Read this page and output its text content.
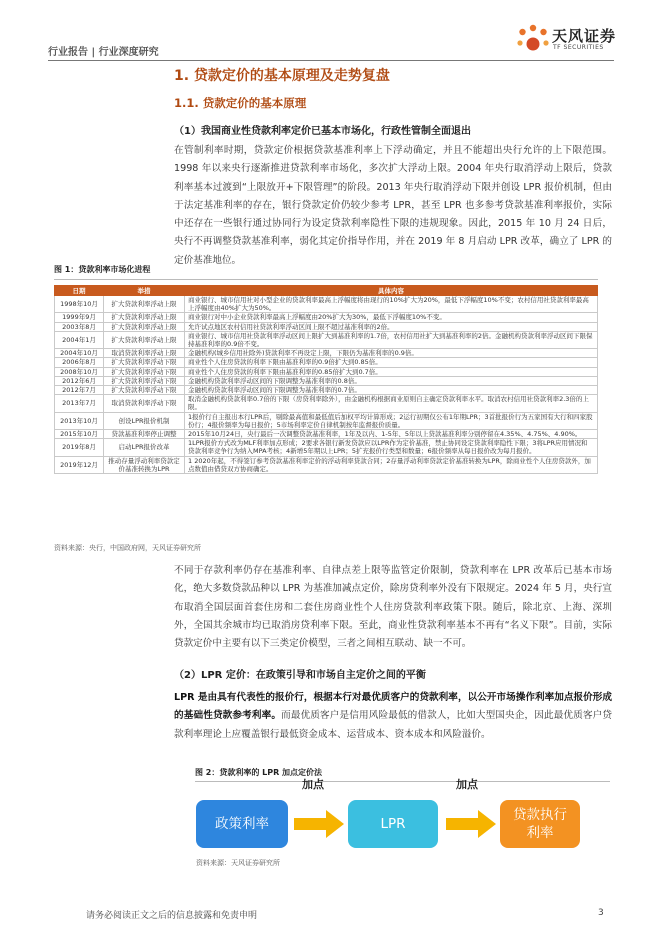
行业报告 | 行业深度研究
天风证券
TF SECURITIES
1. 贷款定价的基本原理及走势复盘
1.1. 贷款定价的基本原理
（1）我国商业性贷款利率定价已基本市场化，行政性管制全面退出
在管制利率时期，贷款定价根据贷款基准利率上下浮动确定，并且不能超出央行允许的上下限范围。1998 年以来央行逐渐推进贷款利率市场化，多次扩大浮动上限。2004 年央行取消浮动上限后，贷款利率基本过渡到“上限放开+下限管理”的阶段。2013 年央行取消浮动下限并创设 LPR 报价机制，但由于法定基准利率的存在，银行贷款定价仍较少参考 LPR，甚至 LPR 也多参考贷款基准利率报价，实际中还存在一些银行通过协同行为设定贷款利率隐性下限的违规现象。因此，2015 年 10 月 24 日后，央行不再调整贷款基准利率，弱化其定价指导作用，并在 2019 年 8 月启动 LPR 改革，确立了 LPR 的定价基准地位。
图 1：贷款利率市场化进程
日期	举措	具体内容
1998年10月	扩大贷款利率浮动上限	商业银行、城市信用社对小型企业的贷款利率最高上浮幅度将由现行的10%扩大为20%，最低下浮幅度10%不变；农村信用社贷款利率最高上浮幅度由40%扩大为50%。
1999年9月	扩大贷款利率浮动上限	商业银行对中小企业贷款利率最高上浮幅度由20%扩大为30%，最低下浮幅度10%不变。
2003年8月	扩大贷款利率浮动上限	允许试点地区农村信用社贷款利率浮动区间上限不超过基准利率的2倍。
2004年1月	扩大贷款利率浮动上限	商业银行、城市信用社贷款利率浮动区间上限扩大到基准利率的1.7倍，农村信用社扩大到基准利率的2倍。金融机构贷款利率浮动区间下限保持基准利率的0.9倍不变。
2004年10月	取消贷款利率浮动上限	金融机构(城乡信用社除外)贷款利率不再设定上限，下限仍为基准利率的0.9倍。
2006年8月	扩大贷款利率浮动下限	商业性个人住房贷款的利率下限由基准利率的0.9倍扩大到0.85倍。
2008年10月	扩大贷款利率浮动下限	商业性个人住房贷款的利率下限由基准利率的0.85倍扩大到0.7倍。
2012年6月	扩大贷款利率浮动下限	金融机构贷款利率浮动区间的下限调整为基准利率的0.8倍。
2012年7月	扩大贷款利率浮动下限	金融机构贷款利率浮动区间的下限调整为基准利率的0.7倍。
2013年7月	取消贷款利率浮动下限	取消金融机构贷款利率0.7倍的下限（房贷利率除外），由金融机构根据商业原则自主确定贷款利率水平。取消农村信用社贷款利率2.3倍的上限。
2013年10月	创设LPR报价机制	1报价行自主报出本行LPR后，剔除最高值和最低值后加权平均计算形成；2运行初期仅公布1年期LPR；3首批报价行为五家国有大行和四家股份行；4报价频率为每日报价；5市场利率定价自律机制按年监督报价质量。
2015年10月	贷款基准利率停止调整	2015年10月24日，央行最后一次调整贷款基准利率，1年及以内、1-5年、5年以上贷款基准利率分别停留在4.35%、4.75%、4.90%。
2019年8月	启动LPR报价改革	1LPR报价方式改为MLF利率加点形成；2要求各银行新发贷款应以LPR作为定价基准，禁止协同设定贷款利率隐性下限；3将LPR应用情况和贷款利率竞争行为纳入MPA考核；4新增5年期以上LPR；5扩充报价行类型和数量；6报价频率从每日报价改为每月报价。
2019年12月	推动存量浮动利率贷款定价基准转换为LPR	1 2020年起，不得签订参考贷款基准利率定价的浮动利率贷款合同；2存量浮动利率贷款定价基准转换为LPR，除商业性个人住房贷款外，加点数值由借贷双方协商确定。
资料来源：央行，中国政府网，天风证券研究所
不同于存款利率仍存在基准利率、自律点差上限等监管定价限制，贷款利率在 LPR 改革后已基本市场化，绝大多数贷款品种以 LPR 为基准加减点定价，除房贷利率外没有下限规定。2024 年 5 月，央行宣布取消全国层面首套住房和二套住房商业性个人住房贷款利率政策下限。随后，除北京、上海、深圳外，全国其余城市均已取消房贷利率下限。至此，商业性贷款利率基本不再有“名义下限”。目前，实际贷款定价中主要有以下三类定价模型，三者之间相互联动、缺一不可。
（2）LPR 定价：在政策引导和市场自主定价之间的平衡
LPR 是由具有代表性的报价行，根据本行对最优质客户的贷款利率，以公开市场操作利率加点报价形成的基础性贷款参考利率。而最优质客户是信用风险最低的借款人，比如大型国央企，因此最优质客户贷款利率理论上应覆盖银行最低资金成本、运营成本、资本成本和风险溢价。
图 2：贷款利率的 LPR 加点定价法
政策利率
加点
LPR
加点
贷款执行利率
资料来源：天风证券研究所
请务必阅读正文之后的信息披露和免责申明	3
